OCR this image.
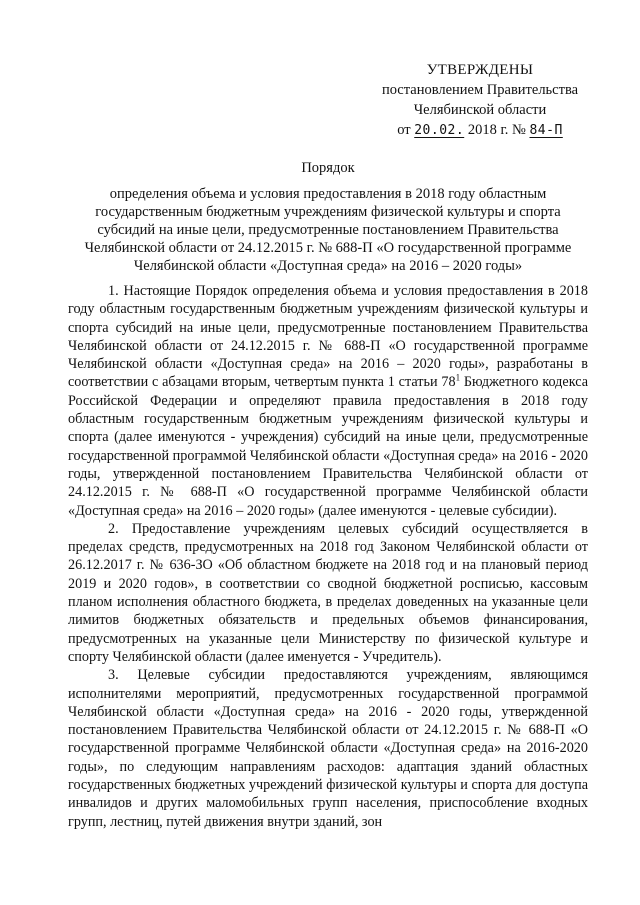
УТВЕРЖДЕНЫ
постановлением Правительства
Челябинской области
от 20.02. 2018 г. № 84-П
Порядок
определения объема и условия предоставления в 2018 году областным государственным бюджетным учреждениям физической культуры и спорта субсидий на иные цели, предусмотренные постановлением Правительства Челябинской области от 24.12.2015 г. № 688-П «О государственной программе Челябинской области «Доступная среда» на 2016 – 2020 годы»

1. Настоящие Порядок определения объема и условия предоставления в 2018 году областным государственным бюджетным учреждениям физической культуры и спорта субсидий на иные цели, предусмотренные постановлением Правительства Челябинской области от 24.12.2015 г. № 688-П «О государственной программе Челябинской области «Доступная среда» на 2016 – 2020 годы», разработаны в соответствии с абзацами вторым, четвертым пункта 1 статьи $78^1$ Бюджетного кодекса Российской Федерации и определяют правила предоставления в 2018 году областным государственным бюджетным учреждениям физической культуры и спорта (далее именуются - учреждения) субсидий на иные цели, предусмотренные государственной программой Челябинской области «Доступная среда» на 2016 - 2020 годы, утвержденной постановлением Правительства Челябинской области от 24.12.2015 г. № 688-П «О государственной программе Челябинской области «Доступная среда» на 2016 – 2020 годы» (далее именуются - целевые субсидии).

2. Предоставление учреждениям целевых субсидий осуществляется в пределах средств, предусмотренных на 2018 год Законом Челябинской области от 26.12.2017 г. № 636-ЗО «Об областном бюджете на 2018 год и на плановый период 2019 и 2020 годов», в соответствии со сводной бюджетной росписью, кассовым планом исполнения областного бюджета, в пределах доведенных на указанные цели лимитов бюджетных обязательств и предельных объемов финансирования, предусмотренных на указанные цели Министерству по физической культуре и спорту Челябинской области (далее именуется - Учредитель).

3. Целевые субсидии предоставляются учреждениям, являющимся исполнителями мероприятий, предусмотренных государственной программой Челябинской области «Доступная среда» на 2016 - 2020 годы, утвержденной постановлением Правительства Челябинской области от 24.12.2015 г. № 688-П «О государственной программе Челябинской области «Доступная среда» на 2016-2020 годы», по следующим направлениям расходов: адаптация зданий областных государственных бюджетных учреждений физической культуры и спорта для доступа инвалидов и других маломобильных групп населения, приспособление входных групп, лестниц, путей движения внутри зданий, зон
